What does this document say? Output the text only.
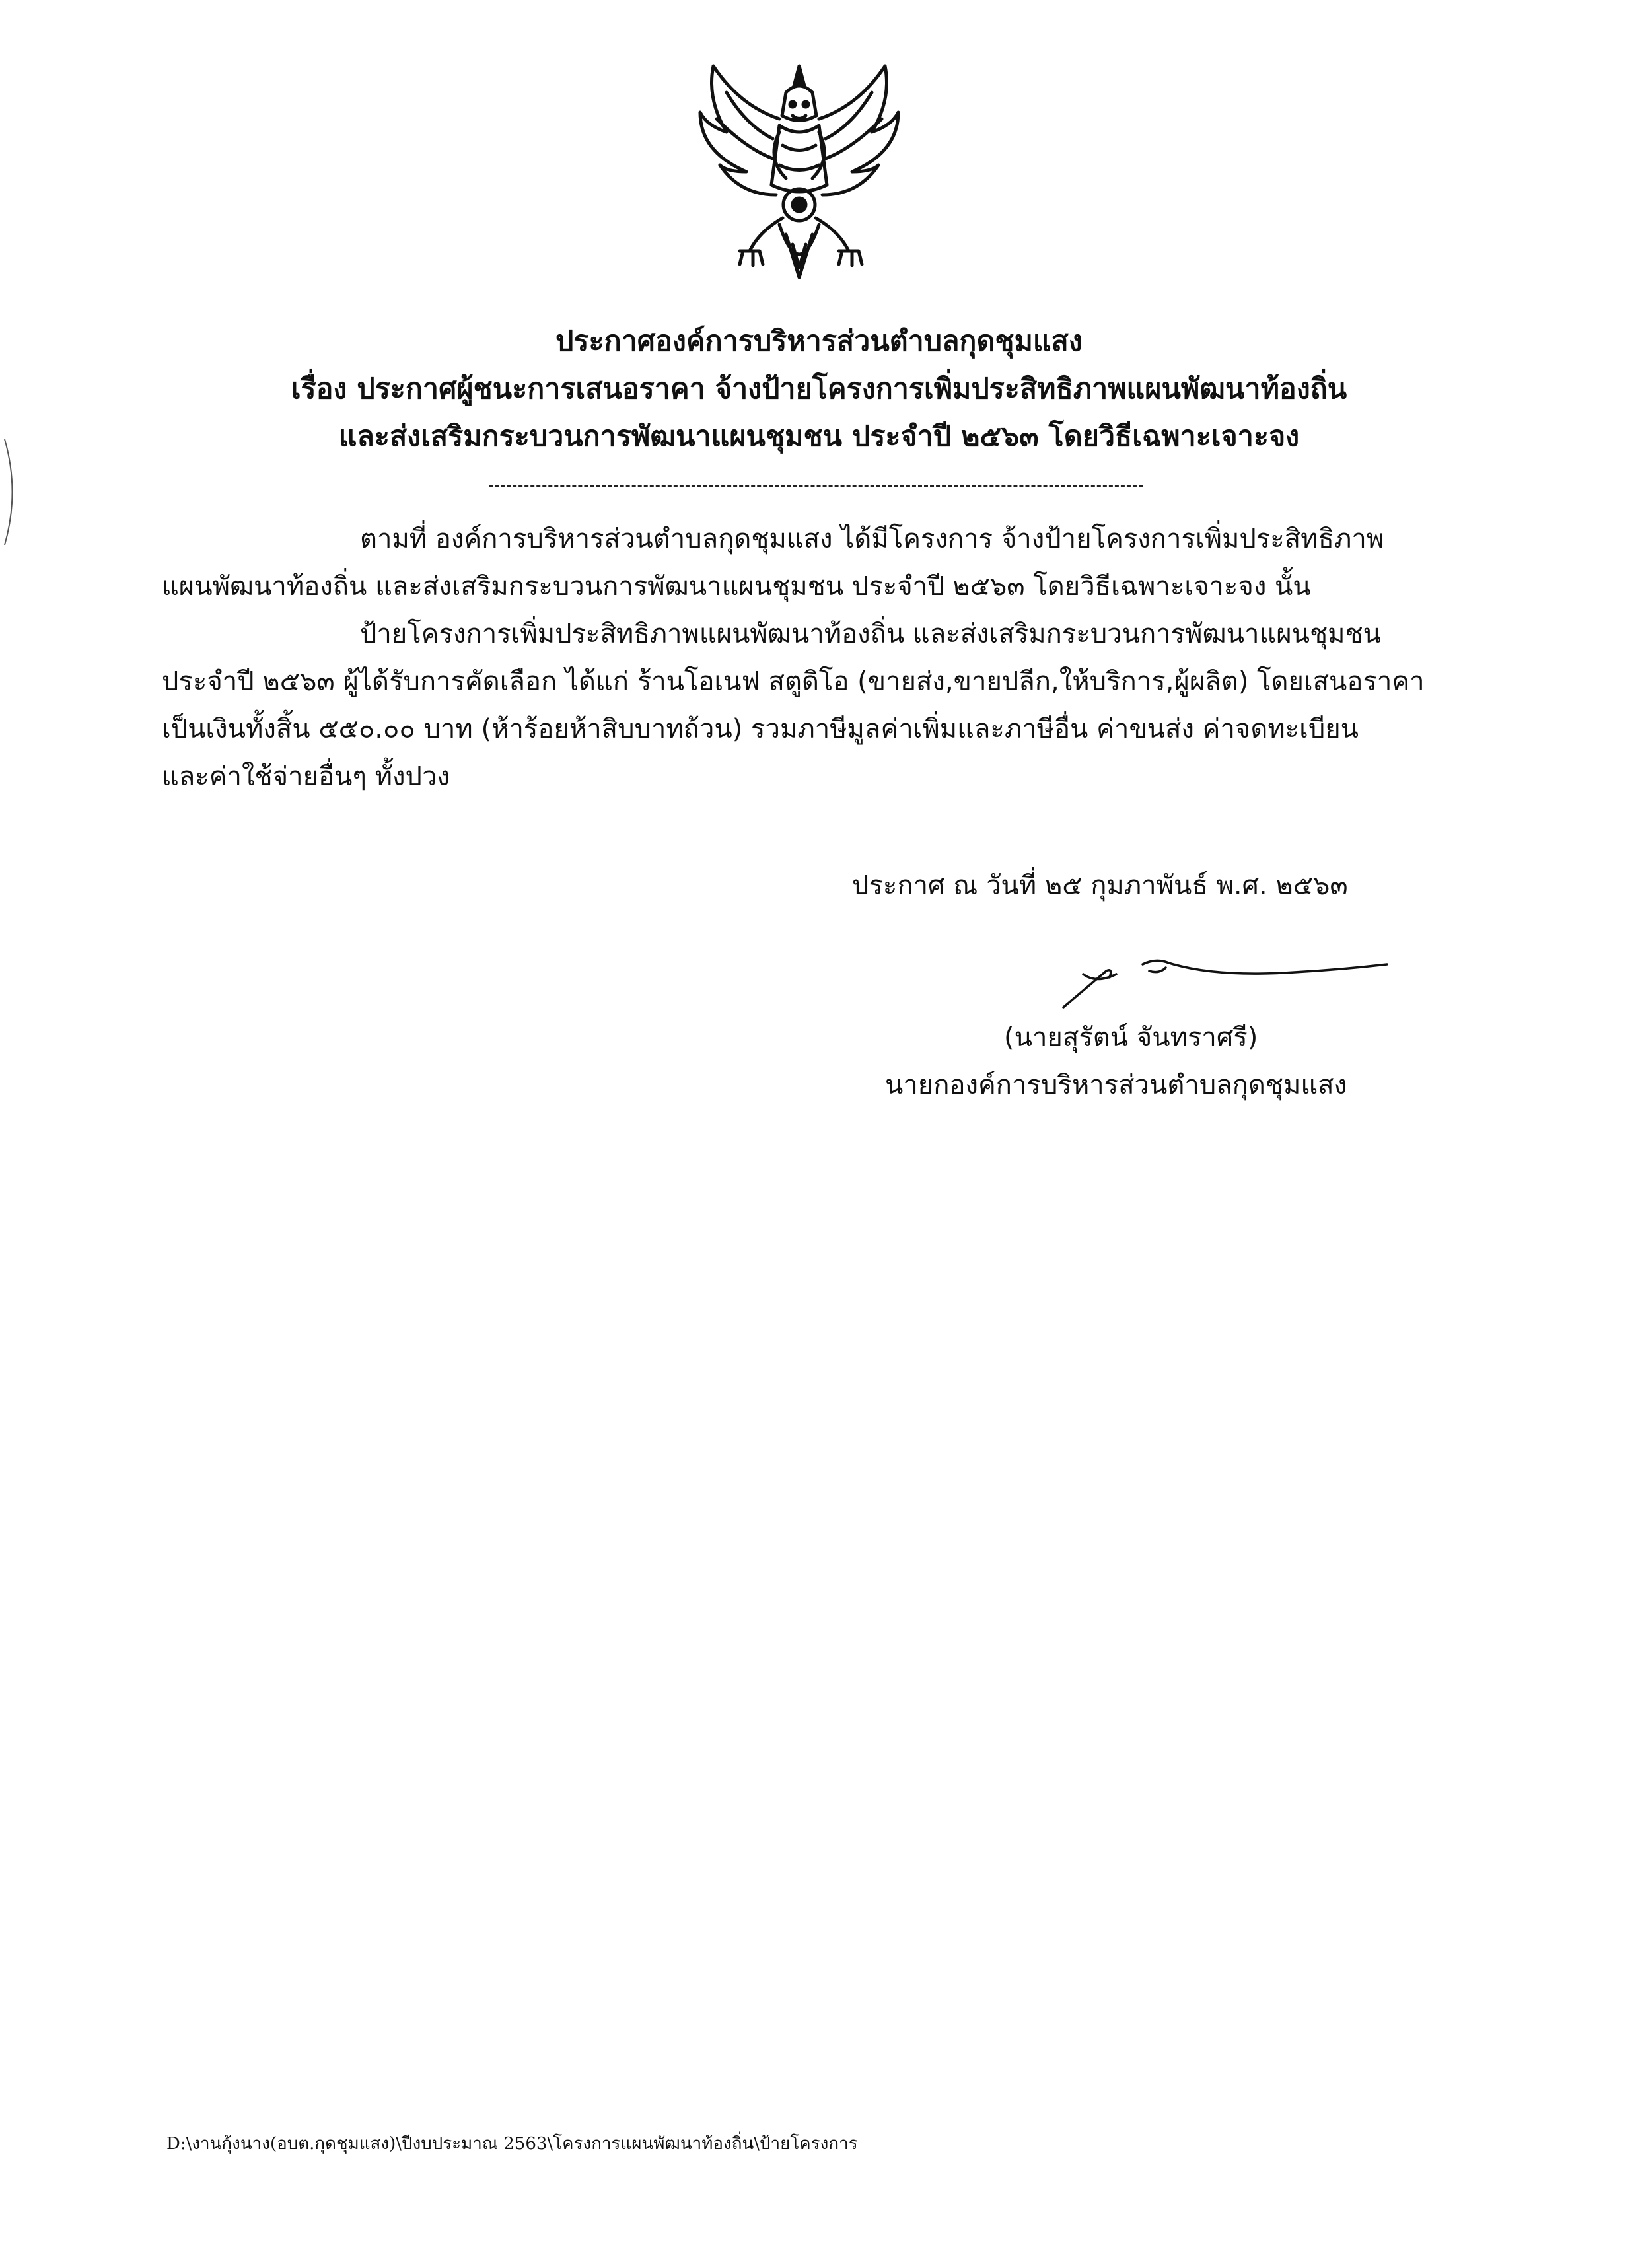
ประกาศองค์การบริหารส่วนตำบลกุดชุมแสง
เรื่อง ประกาศผู้ชนะการเสนอราคา จ้างป้ายโครงการเพิ่มประสิทธิภาพแผนพัฒนาท้องถิ่น
และส่งเสริมกระบวนการพัฒนาแผนชุมชน ประจำปี ๒๕๖๓ โดยวิธีเฉพาะเจาะจง
ตามที่ องค์การบริหารส่วนตำบลกุดชุมแสง ได้มีโครงการ จ้างป้ายโครงการเพิ่มประสิทธิภาพ
แผนพัฒนาท้องถิ่น และส่งเสริมกระบวนการพัฒนาแผนชุมชน ประจำปี ๒๕๖๓ โดยวิธีเฉพาะเจาะจง นั้น
ป้ายโครงการเพิ่มประสิทธิภาพแผนพัฒนาท้องถิ่น และส่งเสริมกระบวนการพัฒนาแผนชุมชน
ประจำปี ๒๕๖๓ ผู้ได้รับการคัดเลือก ได้แก่ ร้านโอเนฟ สตูดิโอ (ขายส่ง,ขายปลีก,ให้บริการ,ผู้ผลิต) โดยเสนอราคา
เป็นเงินทั้งสิ้น ๕๕๐.๐๐ บาท (ห้าร้อยห้าสิบบาทถ้วน) รวมภาษีมูลค่าเพิ่มและภาษีอื่น ค่าขนส่ง ค่าจดทะเบียน
และค่าใช้จ่ายอื่นๆ ทั้งปวง
ประกาศ ณ วันที่ ๒๕ กุมภาพันธ์ พ.ศ. ๒๕๖๓
(นายสุรัตน์ จันทราศรี)
นายกองค์การบริหารส่วนตำบลกุดชุมแสง
D:\งานกุ้งนาง(อบต.กุดชุมแสง)\ปีงบประมาณ 2563\โครงการแผนพัฒนาท้องถิ่น\ป้ายโครงการ
